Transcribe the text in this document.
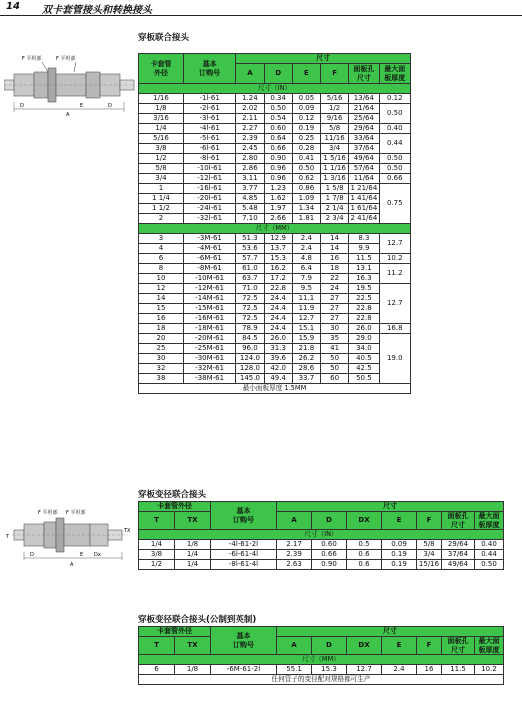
14 双卡套管接头和转换接头
F 平坦部	F 平坦部
D
A
E	D
穿板联合接头
卡套管
外径	基本
订购号	尺寸					
		A	D	E	F	面板孔
尺寸	最大面
板厚度
尺寸（IN）							
1/16	-1l-61	1.24	0.34	0.05	5/16	13/64	0.12
1/8	-2l-61	2.02	0.50	0.09	1/2	21/64	0.50
3/16	-3l-61	2.11	0.54	0.12	9/16	25/64	
1/4	-4l-61	2.27	0.60	0.19	5/8	29/64	0.40
5/16	-5l-61	2.39	0.64	0.25	11/16	33/64	0.44
3/8	-6l-61	2.45	0.66	0.28	3/4	37/64	
1/2	-8l-61	2.80	0.90	0.41	1 5/16	49/64	0.50
5/8	-10l-61	2.86	0.96	0.50	1 1/16	57/64	0.50
3/4	-12l-61	3.11	0.96	0.62	1 3/16	11/64	0.66
1	-16l-61	3.77	1.23	0.86	1 5/8	1 21/64	0.75
1 1/4	-20l-61	4.85	1.62	1.09	1 7/8	1 41/64	
1 1/2	-24l-61	5.48	1.97	1.34	2 1/4	1 61/64	
2	-32l-61	7.10	2.66	1.81	2 3/4	2 41/64	
尺寸（MM）							
3	-3M-61	51.3	12.9	2.4	14	8.3	12.7
4	-4M-61	53.6	13.7	2.4	14	9.9	
6	-6M-61	57.7	15.3	4.8	16	11.5	10.2
8	-8M-61	61.0	16.2	6.4	18	13.1	11.2
10	-10M-61	63.7	17.2	7.9	22	16.3	
12	-12M-61	71.0	22.8	9.5	24	19.5	12.7
14	-14M-61	72.5	24.4	11.1	27	22.5	
15	-15M-61	72.5	24.4	11.9	27	22.8	
16	-16M-61	72.5	24.4	12.7	27	22.8	
18	-18M-61	78.9	24.4	15.1	30	26.0	16.8
20	-20M-61	84.5	26.0	15.9	35	29.0	19.0
25	-25M-61	96.0	31.3	21.8	41	34.0	
30	-30M-61	124.0	39.6	26.2	50	40.5	
32	-32M-61	128.0	42.0	28.6	50	42.5	
38	-38M-61	145.0	49.4	33.7	60	50.5	
最小面板厚度 1.5MM							
F 平坦部 F 平坦部
T
TX
D
A
Dx
E
穿板变径联合接头
卡套管外径		基本
订购号	尺寸						
			A	D	DX	E	F	面板孔
尺寸	最大面
板厚度
T	TX								
尺寸（IN）									
1/4	1/8	-4l-61-2l	2.17	0.60	0.5	0.09	5/8	29/64	0.40
3/8	1/4	-6l-61-4l	2.39	0.66	0.6	0.19	3/4	37/64	0.44
1/2	1/4	-8l-61-4l	2.63	0.90	0.6	0.19	15/16	49/64	0.50
穿板变径联合接头(公制到英制)
卡套管外径		基本
订购号	尺寸						
			A	D	DX	E	F	面板孔
尺寸	最大面
板厚度
T	TX								
尺寸（MM）									
6	1/8	-6M-61-2l	55.1	15.3	12.7	2.4	16	11.5	10.2
任何管子的变径配对规格都可生产									
